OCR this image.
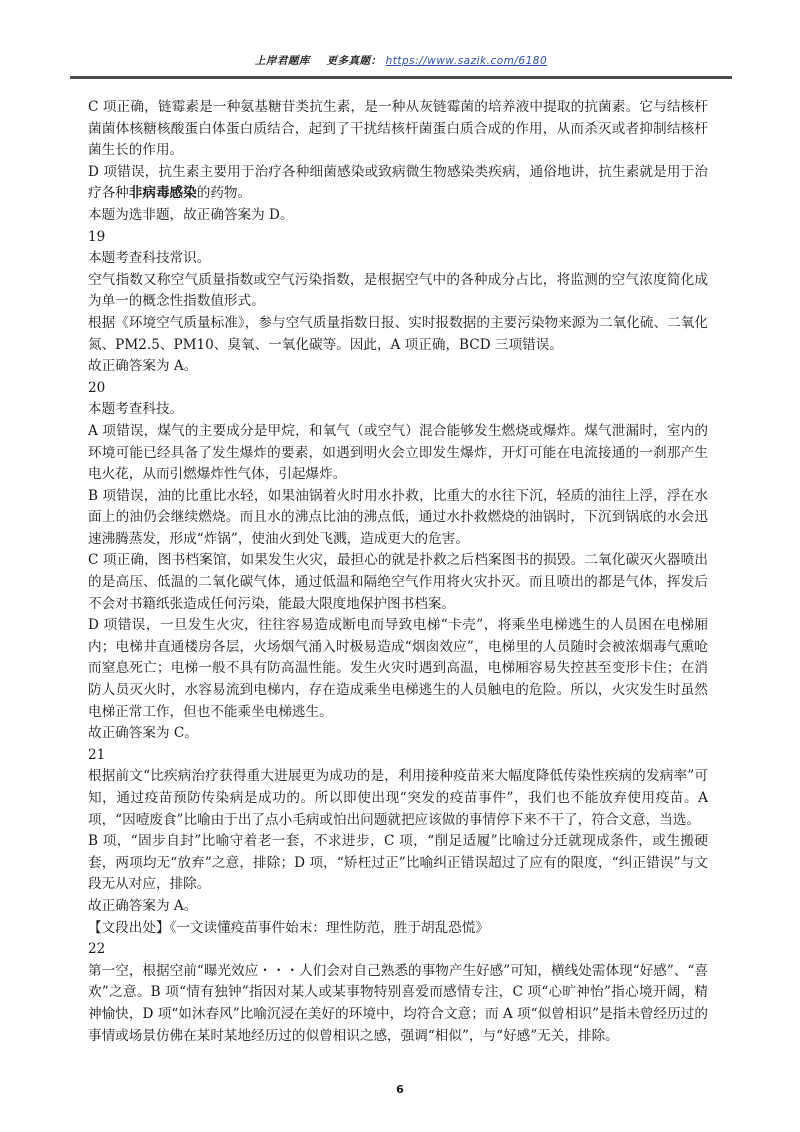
上岸君题库 更多真题： https://www.sazik.com/6180

C 项正确，链霉素是一种氨基糖苷类抗生素，是一种从灰链霉菌的培养液中提取的抗菌素。它与结核杆菌菌体核糖核酸蛋白体蛋白质结合，起到了干扰结核杆菌蛋白质合成的作用，从而杀灭或者抑制结核杆菌生长的作用。

D 项错误，抗生素主要用于治疗各种细菌感染或致病微生物感染类疾病，通俗地讲，抗生素就是用于治疗各种非病毒感染的药物。

本题为选非题，故正确答案为 D。

19

本题考查科技常识。

空气指数又称空气质量指数或空气污染指数，是根据空气中的各种成分占比，将监测的空气浓度简化成为单一的概念性指数值形式。

根据《环境空气质量标准》，参与空气质量指数日报、实时报数据的主要污染物来源为二氧化硫、二氧化氮、PM2.5、PM10、臭氧、一氧化碳等。因此，A 项正确，BCD 三项错误。

故正确答案为 A。

20

本题考查科技。

A 项错误，煤气的主要成分是甲烷，和氧气（或空气）混合能够发生燃烧或爆炸。煤气泄漏时，室内的环境可能已经具备了发生爆炸的要素，如遇到明火会立即发生爆炸，开灯可能在电流接通的一刹那产生电火花，从而引燃爆炸性气体，引起爆炸。

B 项错误，油的比重比水轻，如果油锅着火时用水扑救，比重大的水往下沉，轻质的油往上浮，浮在水面上的油仍会继续燃烧。而且水的沸点比油的沸点低，通过水扑救燃烧的油锅时，下沉到锅底的水会迅速沸腾蒸发，形成“炸锅”，使油火到处飞溅，造成更大的危害。

C 项正确，图书档案馆，如果发生火灾，最担心的就是扑救之后档案图书的损毁。二氧化碳灭火器喷出的是高压、低温的二氧化碳气体，通过低温和隔绝空气作用将火灾扑灭。而且喷出的都是气体，挥发后不会对书籍纸张造成任何污染，能最大限度地保护图书档案。

D 项错误，一旦发生火灾，往往容易造成断电而导致电梯“卡壳”，将乘坐电梯逃生的人员困在电梯厢内；电梯井直通楼房各层，火场烟气涌入时极易造成“烟囱效应”，电梯里的人员随时会被浓烟毒气熏呛而窒息死亡；电梯一般不具有防高温性能。发生火灾时遇到高温，电梯厢容易失控甚至变形卡住；在消防人员灭火时，水容易流到电梯内，存在造成乘坐电梯逃生的人员触电的危险。所以，火灾发生时虽然电梯正常工作，但也不能乘坐电梯逃生。

故正确答案为 C。

21

根据前文“比疾病治疗获得重大进展更为成功的是，利用接种疫苗来大幅度降低传染性疾病的发病率”可知，通过疫苗预防传染病是成功的。所以即使出现“突发的疫苗事件”，我们也不能放弃使用疫苗。A 项，“因噎废食”比喻由于出了点小毛病或怕出问题就把应该做的事情停下来不干了，符合文意，当选。

B 项，“固步自封”比喻守着老一套，不求进步，C 项，“削足适履”比喻过分迁就现成条件，或生搬硬套，两项均无“放弃”之意，排除；D 项，“矫枉过正”比喻纠正错误超过了应有的限度，“纠正错误”与文段无从对应，排除。

故正确答案为 A。

【文段出处】《一文读懂疫苗事件始末：理性防范，胜于胡乱恐慌》

22

第一空，根据空前“曝光效应・・・人们会对自己熟悉的事物产生好感”可知，横线处需体现“好感”、“喜欢”之意。B 项“情有独钟”指因对某人或某事物特别喜爱而感情专注，C 项“心旷神怡”指心境开阔，精神愉快，D 项“如沐春风”比喻沉浸在美好的环境中，均符合文意；而 A 项“似曾相识”是指未曾经历过的事情或场景仿佛在某时某地经历过的似曾相识之感，强调“相似”，与“好感”无关，排除。

6
